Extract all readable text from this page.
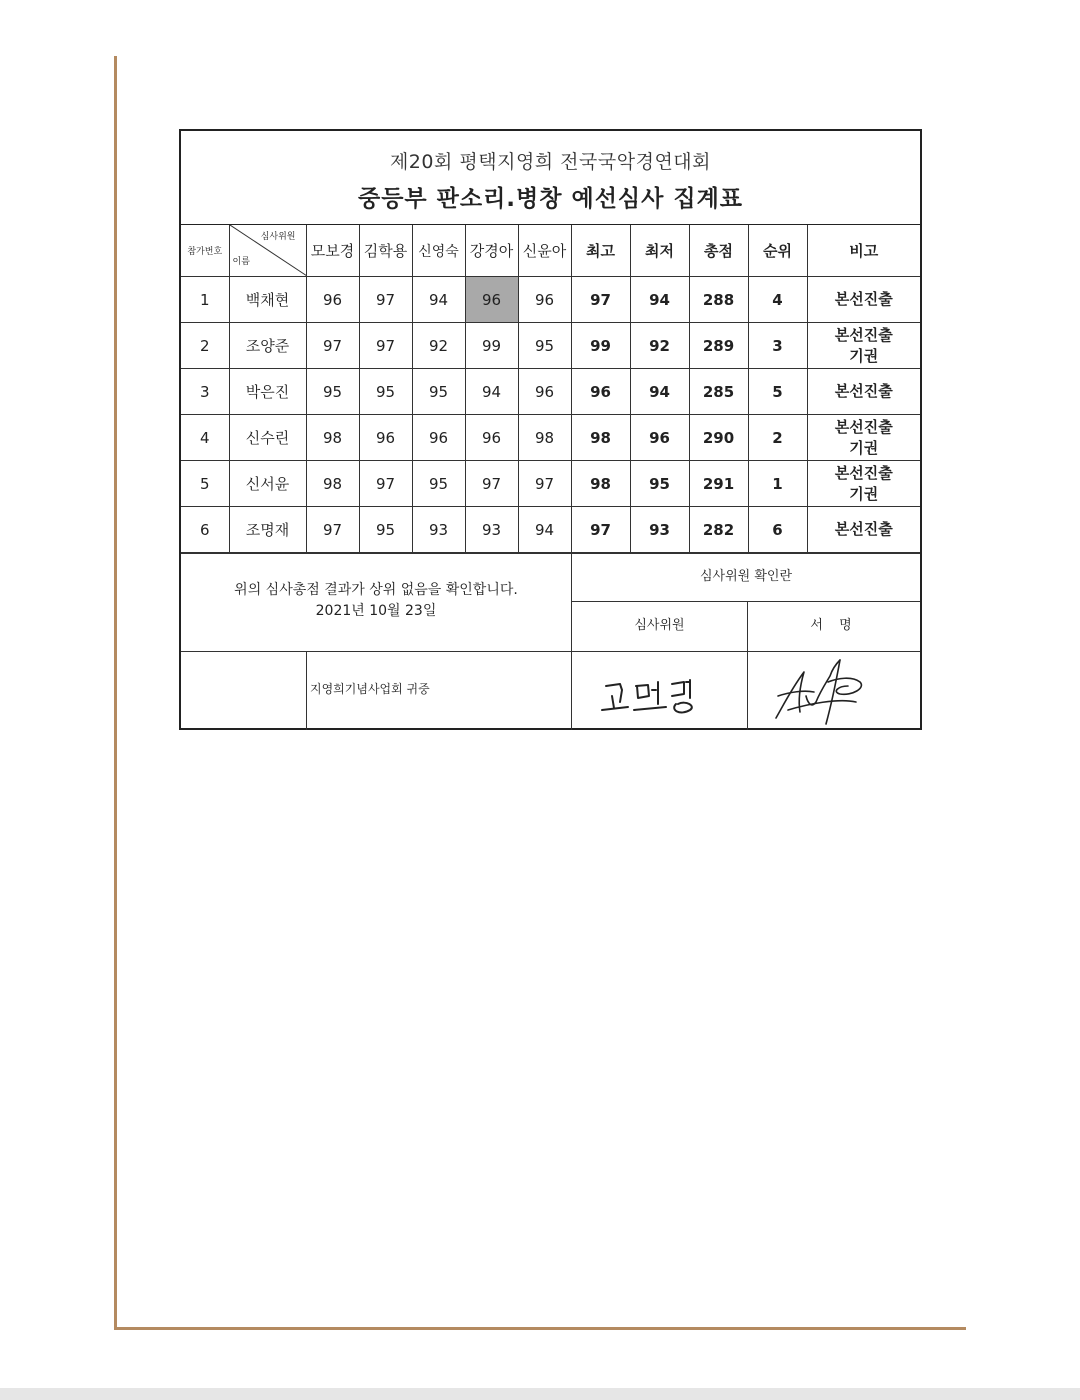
제20회 평택지영희 전국국악경연대회
중등부 판소리.병창 예선심사 집계표
참가번호	심사위원
이름	모보경	김학용	신영숙	강경아	신윤아	최고	최저	총점	순위	비고
1	백채현	96	97	94	96	96	97	94	288	4	본선진출

2	조양준	97	97	92	99	95	99	92	289	3	본선진출
기권

3	박은진	95	95	95	94	96	96	94	285	5	본선진출

4	신수린	98	96	96	96	98	98	96	290	2	본선진출
기권

5	신서윤	98	97	95	97	97	98	95	291	1	본선진출
기권

6	조명재	97	95	93	93	94	97	93	282	6	본선진출
위의 심사총점 결과가 상위 없음을 확인합니다.
2021년 10월 23일
심사위원 확인란
심사위원	서 명
지영희기념사업회 귀중
